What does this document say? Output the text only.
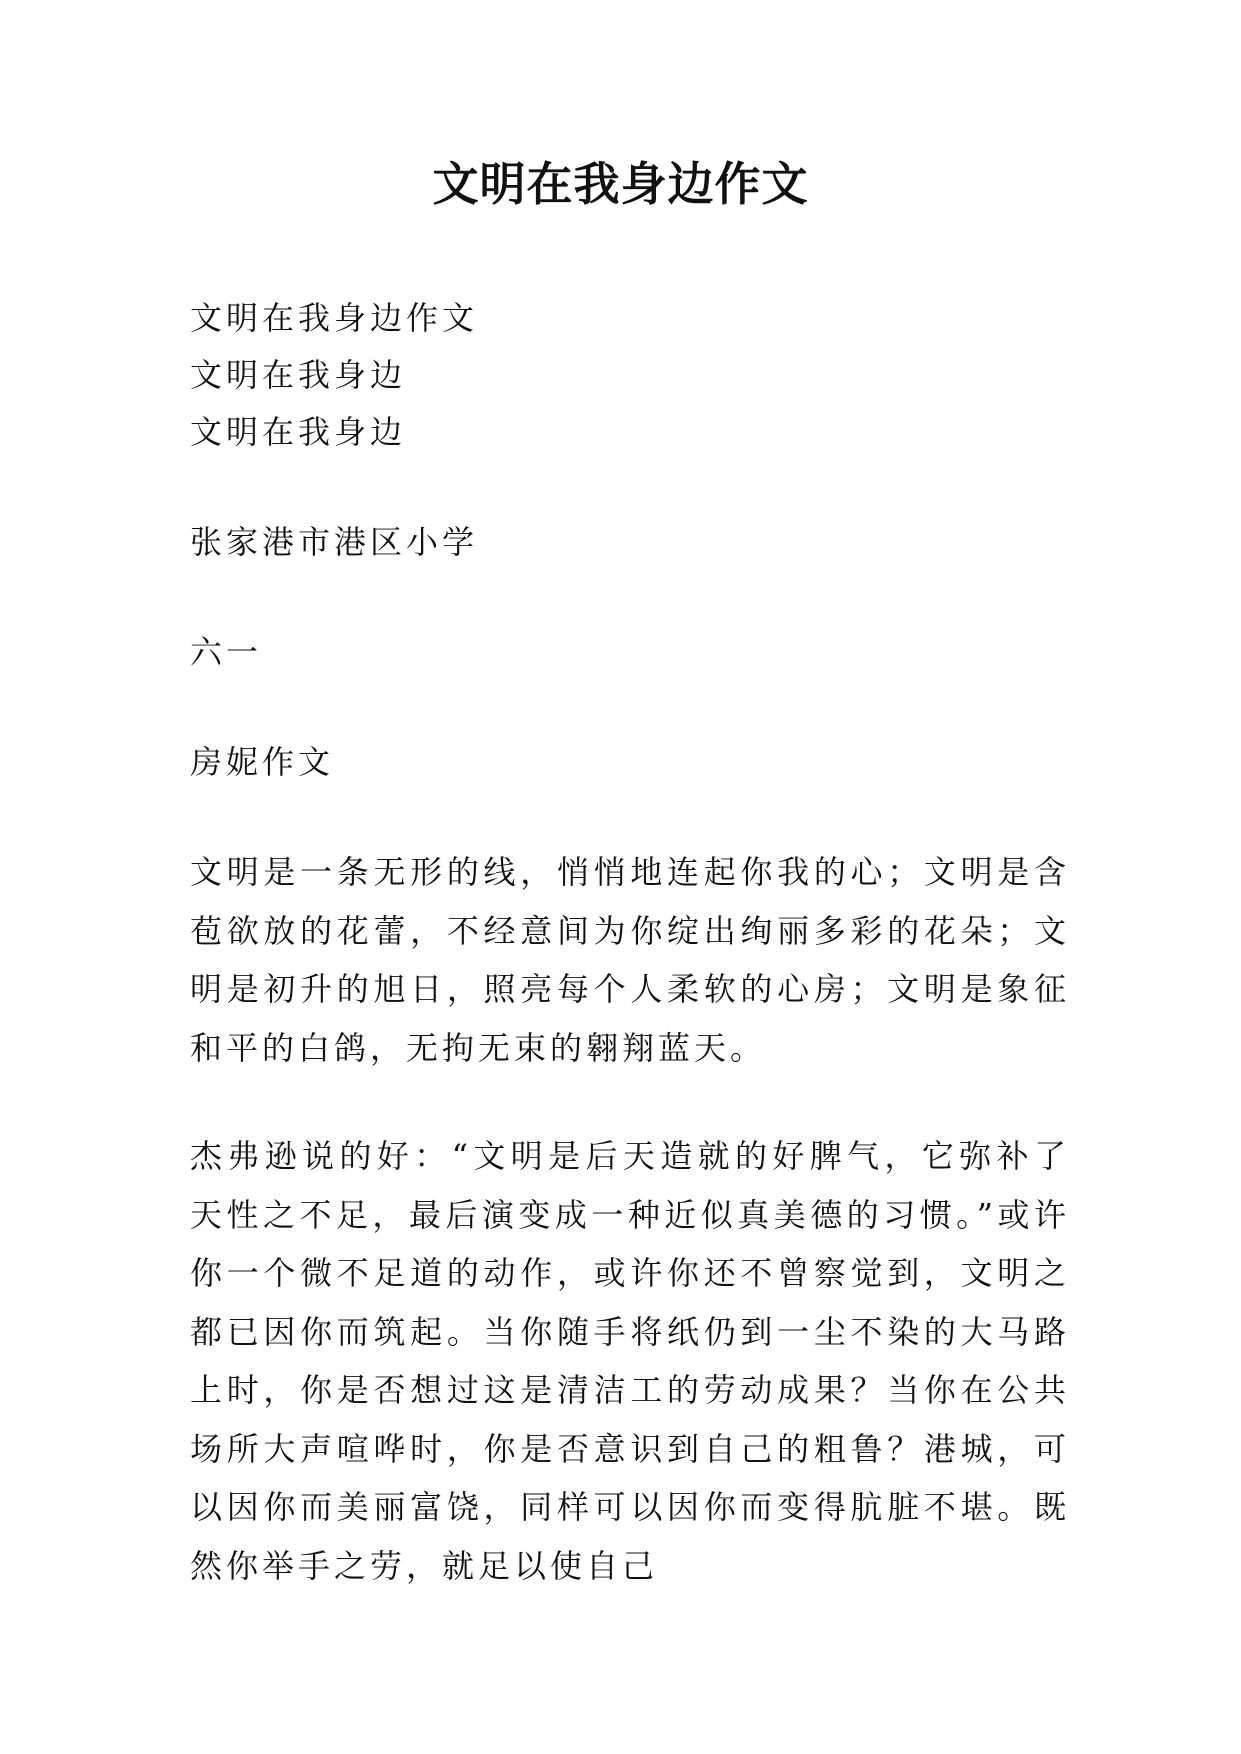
文明在我身边作文
文明在我身边作文
文明在我身边
文明在我身边
张家港市港区小学
六一
房妮作文
文明是一条无形的线，悄悄地连起你我的心；文明是含苞欲放的花蕾，不经意间为你绽出绚丽多彩的花朵；文明是初升的旭日，照亮每个人柔软的心房；文明是象征和平的白鸽，无拘无束的翱翔蓝天。
杰弗逊说的好：“文明是后天造就的好脾气，它弥补了天性之不足，最后演变成一种近似真美德的习惯。”或许你一个微不足道的动作，或许你还不曾察觉到，文明之都已因你而筑起。当你随手将纸仍到一尘不染的大马路上时，你是否想过这是清洁工的劳动成果？当你在公共场所大声喧哗时，你是否意识到自己的粗鲁？港城，可以因你而美丽富饶，同样可以因你而变得肮脏不堪。既然你举手之劳，就足以使自己
